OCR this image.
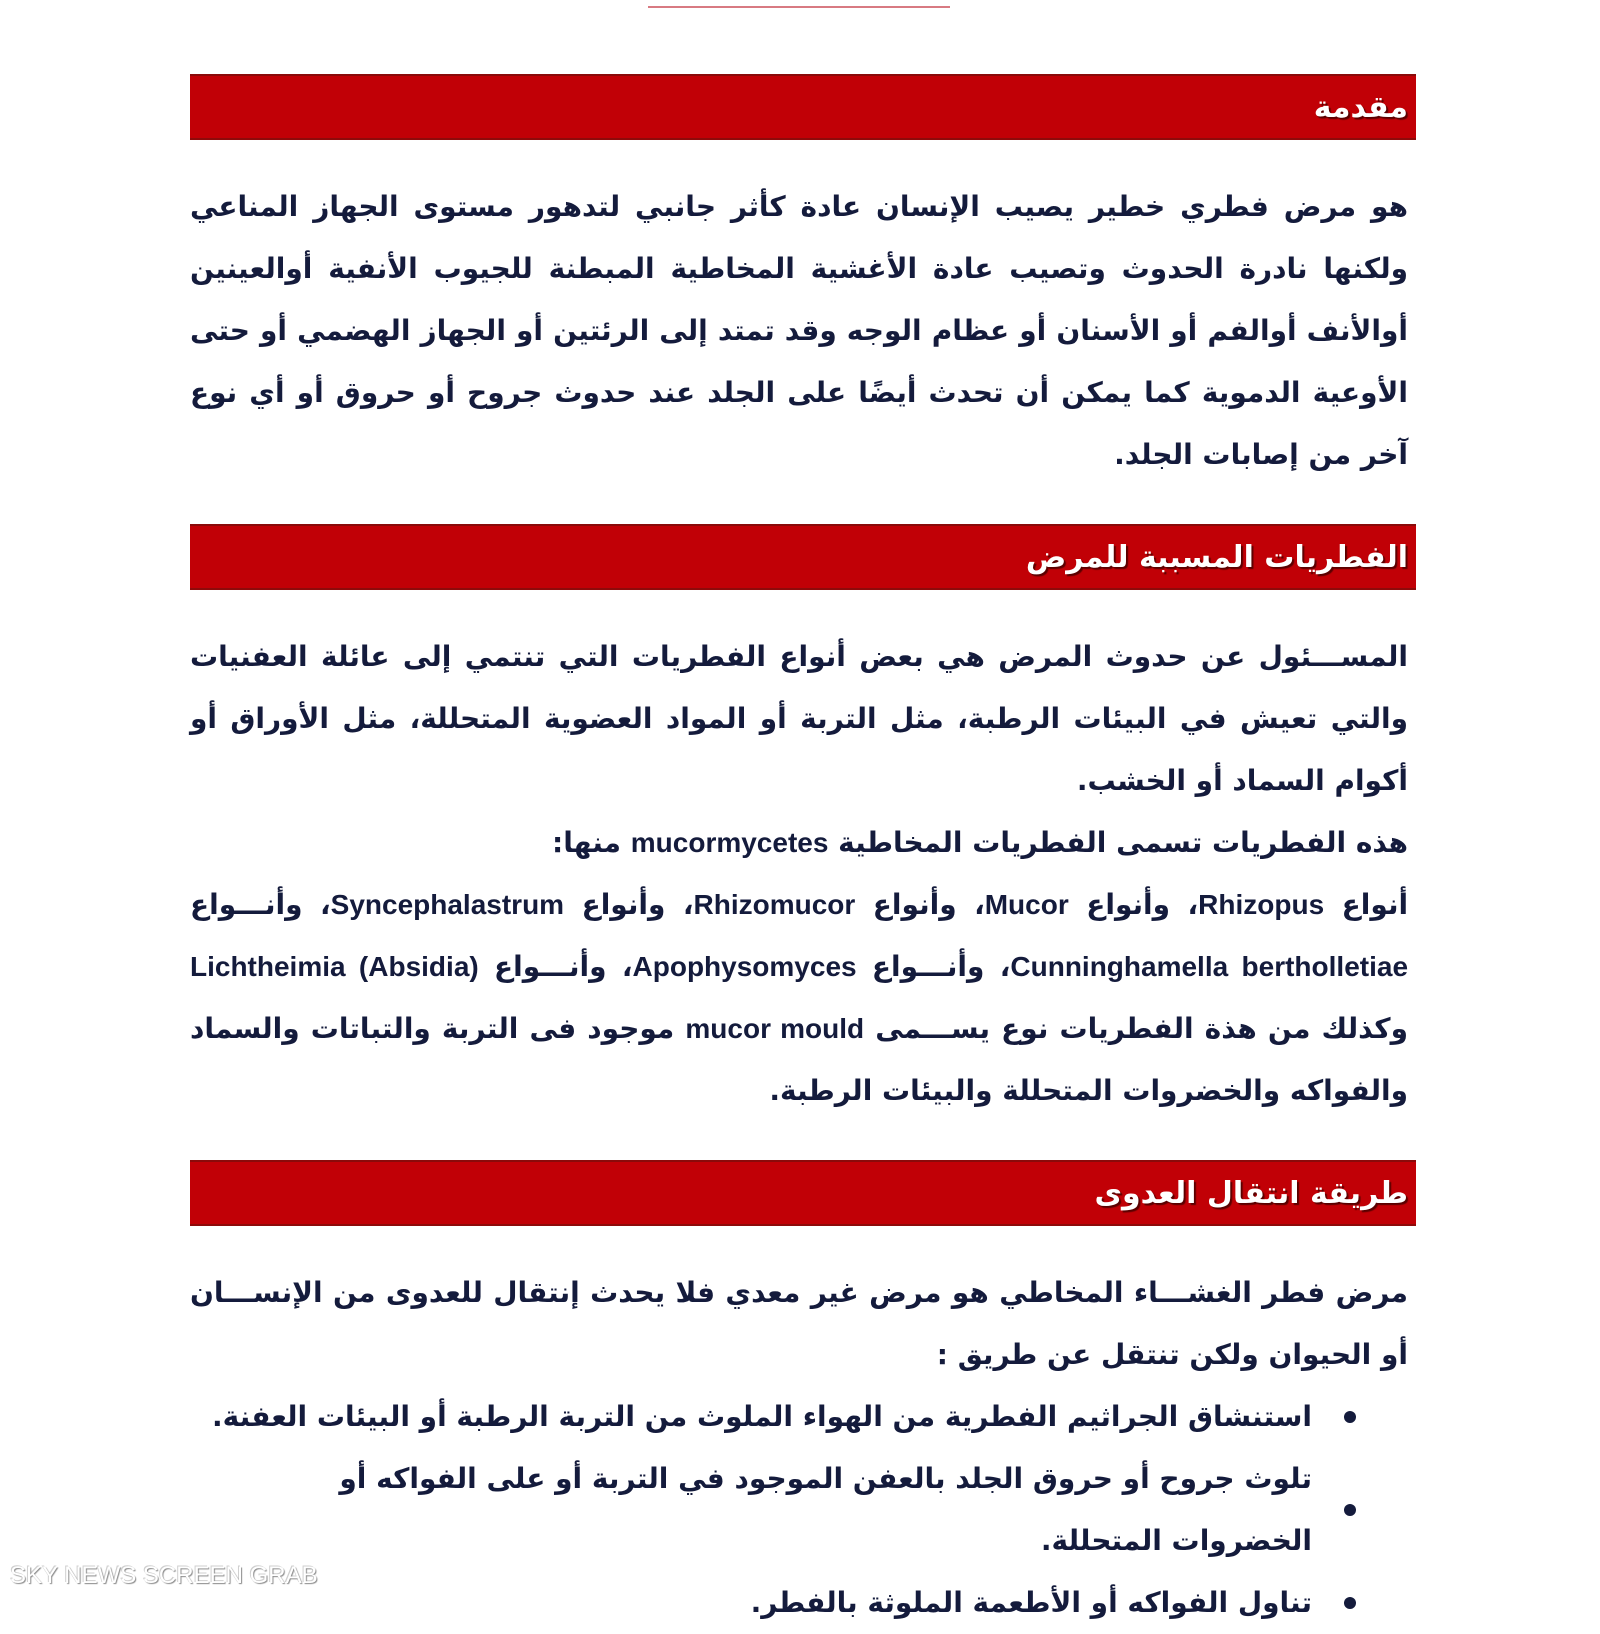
مقدمة

هو مرض فطري خطير يصيب الإنسان عادة كأثر جانبي لتدهور مستوى الجهاز المناعي ولكنها نادرة الحدوث وتصيب عادة الأغشية المخاطية المبطنة للجيوب الأنفية أوالعينين أوالأنف أوالفم أو الأسنان أو عظام الوجه وقد تمتد إلى الرئتين أو الجهاز الهضمي أو حتى الأوعية الدموية كما يمكن أن تحدث أيضًا على الجلد عند حدوث جروح أو حروق أو أي نوع آخر من إصابات الجلد.

الفطريات المسببة للمرض

المســـئول عن حدوث المرض هي بعض أنواع الفطريات التي تنتمي إلى عائلة العفنيات والتي تعيش في البيئات الرطبة، مثل التربة أو المواد العضوية المتحللة، مثل الأوراق أو أكوام السماد أو الخشب.

هذه الفطريات تسمى الفطريات المخاطية mucormycetes منها:

أنواع Rhizopus، وأنواع Mucor، وأنواع Rhizomucor، وأنواع Syncephalastrum، وأنـــواع Cunninghamella bertholletiae، وأنـــواع Apophysomyces، وأنـــواع Lichtheimia (Absidia) وكذلك من هذة الفطريات نوع يســـمى mucor mould موجود فى التربة والتباتات والسماد والفواكه والخضروات المتحللة والبيئات الرطبة.

طريقة انتقال العدوى

مرض فطر الغشـــاء المخاطي هو مرض غير معدي فلا يحدث إنتقال للعدوى من الإنســـان أو الحيوان ولكن تنتقل عن طريق :

استنشاق الجراثيم الفطرية من الهواء الملوث من التربة الرطبة أو البيئات العفنة.
تلوث جروح أو حروق الجلد بالعفن الموجود في التربة أو على الفواكه أو الخضروات المتحللة.
تناول الفواكه أو الأطعمة الملوثة بالفطر.
SKY NEWS SCREEN GRAB
